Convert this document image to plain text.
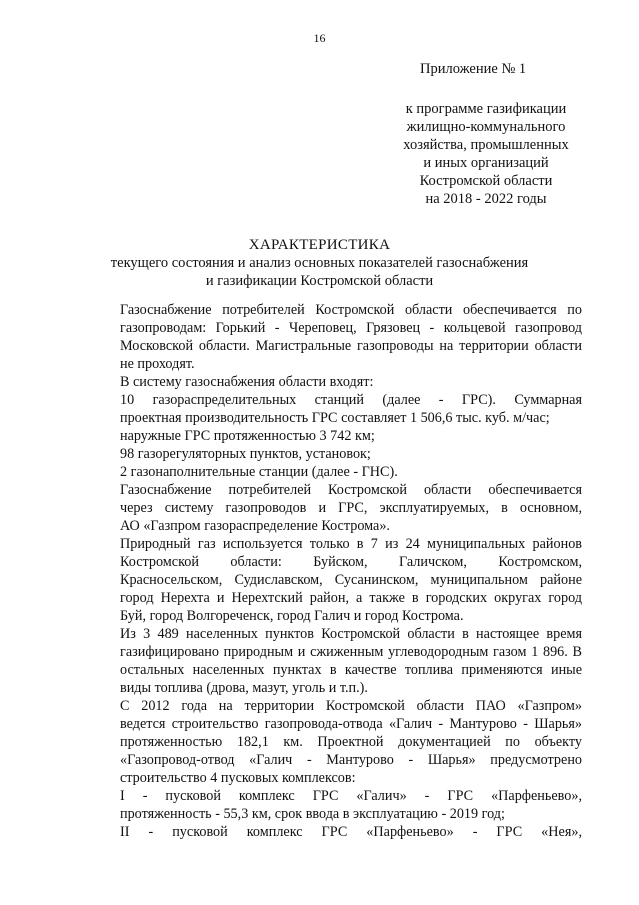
16
Приложение № 1
к программе газификации
жилищно-коммунального
хозяйства, промышленных
и иных организаций
Костромской области
на 2018 - 2022 годы
ХАРАКТЕРИСТИКА
текущего состояния и анализ основных показателей газоснабжения
и газификации Костромской области

Газоснабжение потребителей Костромской области обеспечивается по
газопроводам: Горький - Череповец, Грязовец - кольцевой газопровод
Московской области. Магистральные газопроводы на территории области
не проходят.

В систему газоснабжения области входят:

10 газораспределительных станций (далее - ГРС). Суммарная
проектная производительность ГРС составляет 1 506,6 тыс. куб. м/час;

наружные ГРС протяженностью 3 742 км;

98 газорегуляторных пунктов, установок;

2 газонаполнительные станции (далее - ГНС).

Газоснабжение потребителей Костромской области обеспечивается
через систему газопроводов и ГРС, эксплуатируемых, в основном,
АО «Газпром газораспределение Кострома».

Природный газ используется только в 7 из 24 муниципальных районов
Костромской области: Буйском, Галичском, Костромском,
Красносельском, Судиславском, Сусанинском, муниципальном районе
город Нерехта и Нерехтский район, а также в городских округах город
Буй, город Волгореченск, город Галич и город Кострома.

Из 3 489 населенных пунктов Костромской области в настоящее время
газифицировано природным и сжиженным углеводородным газом 1 896. В
остальных населенных пунктах в качестве топлива применяются иные
виды топлива (дрова, мазут, уголь и т.п.).

С 2012 года на территории Костромской области ПАО «Газпром»
ведется строительство газопровода-отвода «Галич - Мантурово - Шарья»
протяженностью 182,1 км. Проектной документацией по объекту
«Газопровод-отвод «Галич - Мантурово - Шарья» предусмотрено
строительство 4 пусковых комплексов:

I - пусковой комплекс ГРС «Галич» - ГРС «Парфеньево»,
протяженность - 55,3 км, срок ввода в эксплуатацию - 2019 год;

II - пусковой комплекс ГРС «Парфеньево» - ГРС «Нея»,
